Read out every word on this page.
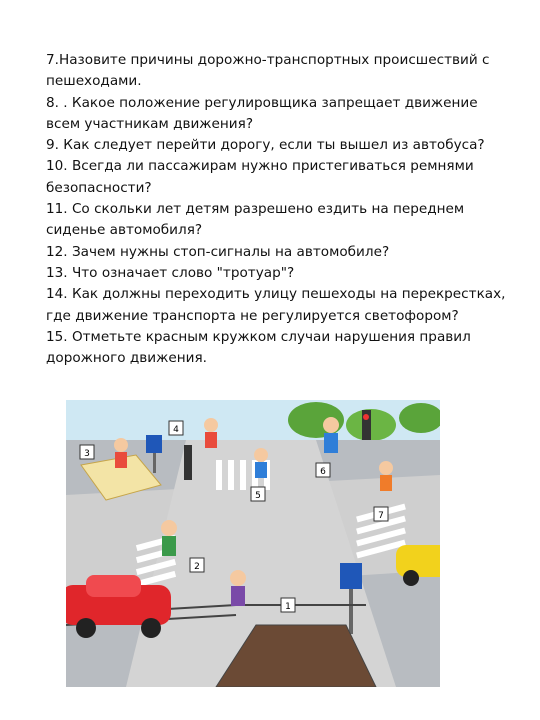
7.Назовите причины дорожно-транспортных происшествий с пешеходами.

8. . Какое положение регулировщика запрещает движение всем участникам движения?

9. Как следует перейти дорогу, если ты вышел из автобуса?

10. Всегда ли пассажирам нужно пристегиваться ремнями безопасности?

11. Со скольки лет детям разрешено ездить на переднем сиденье автомобиля?

12. Зачем нужны стоп-сигналы на автомобиле?

13. Что означает слово "тротуар"?

14. Как должны переходить улицу пешеходы на перекрестках, где движение транспорта не регулируется светофором?

15. Отметьте красным кружком случаи нарушения правил дорожного движения.

1
2
3
4
5
6
7
